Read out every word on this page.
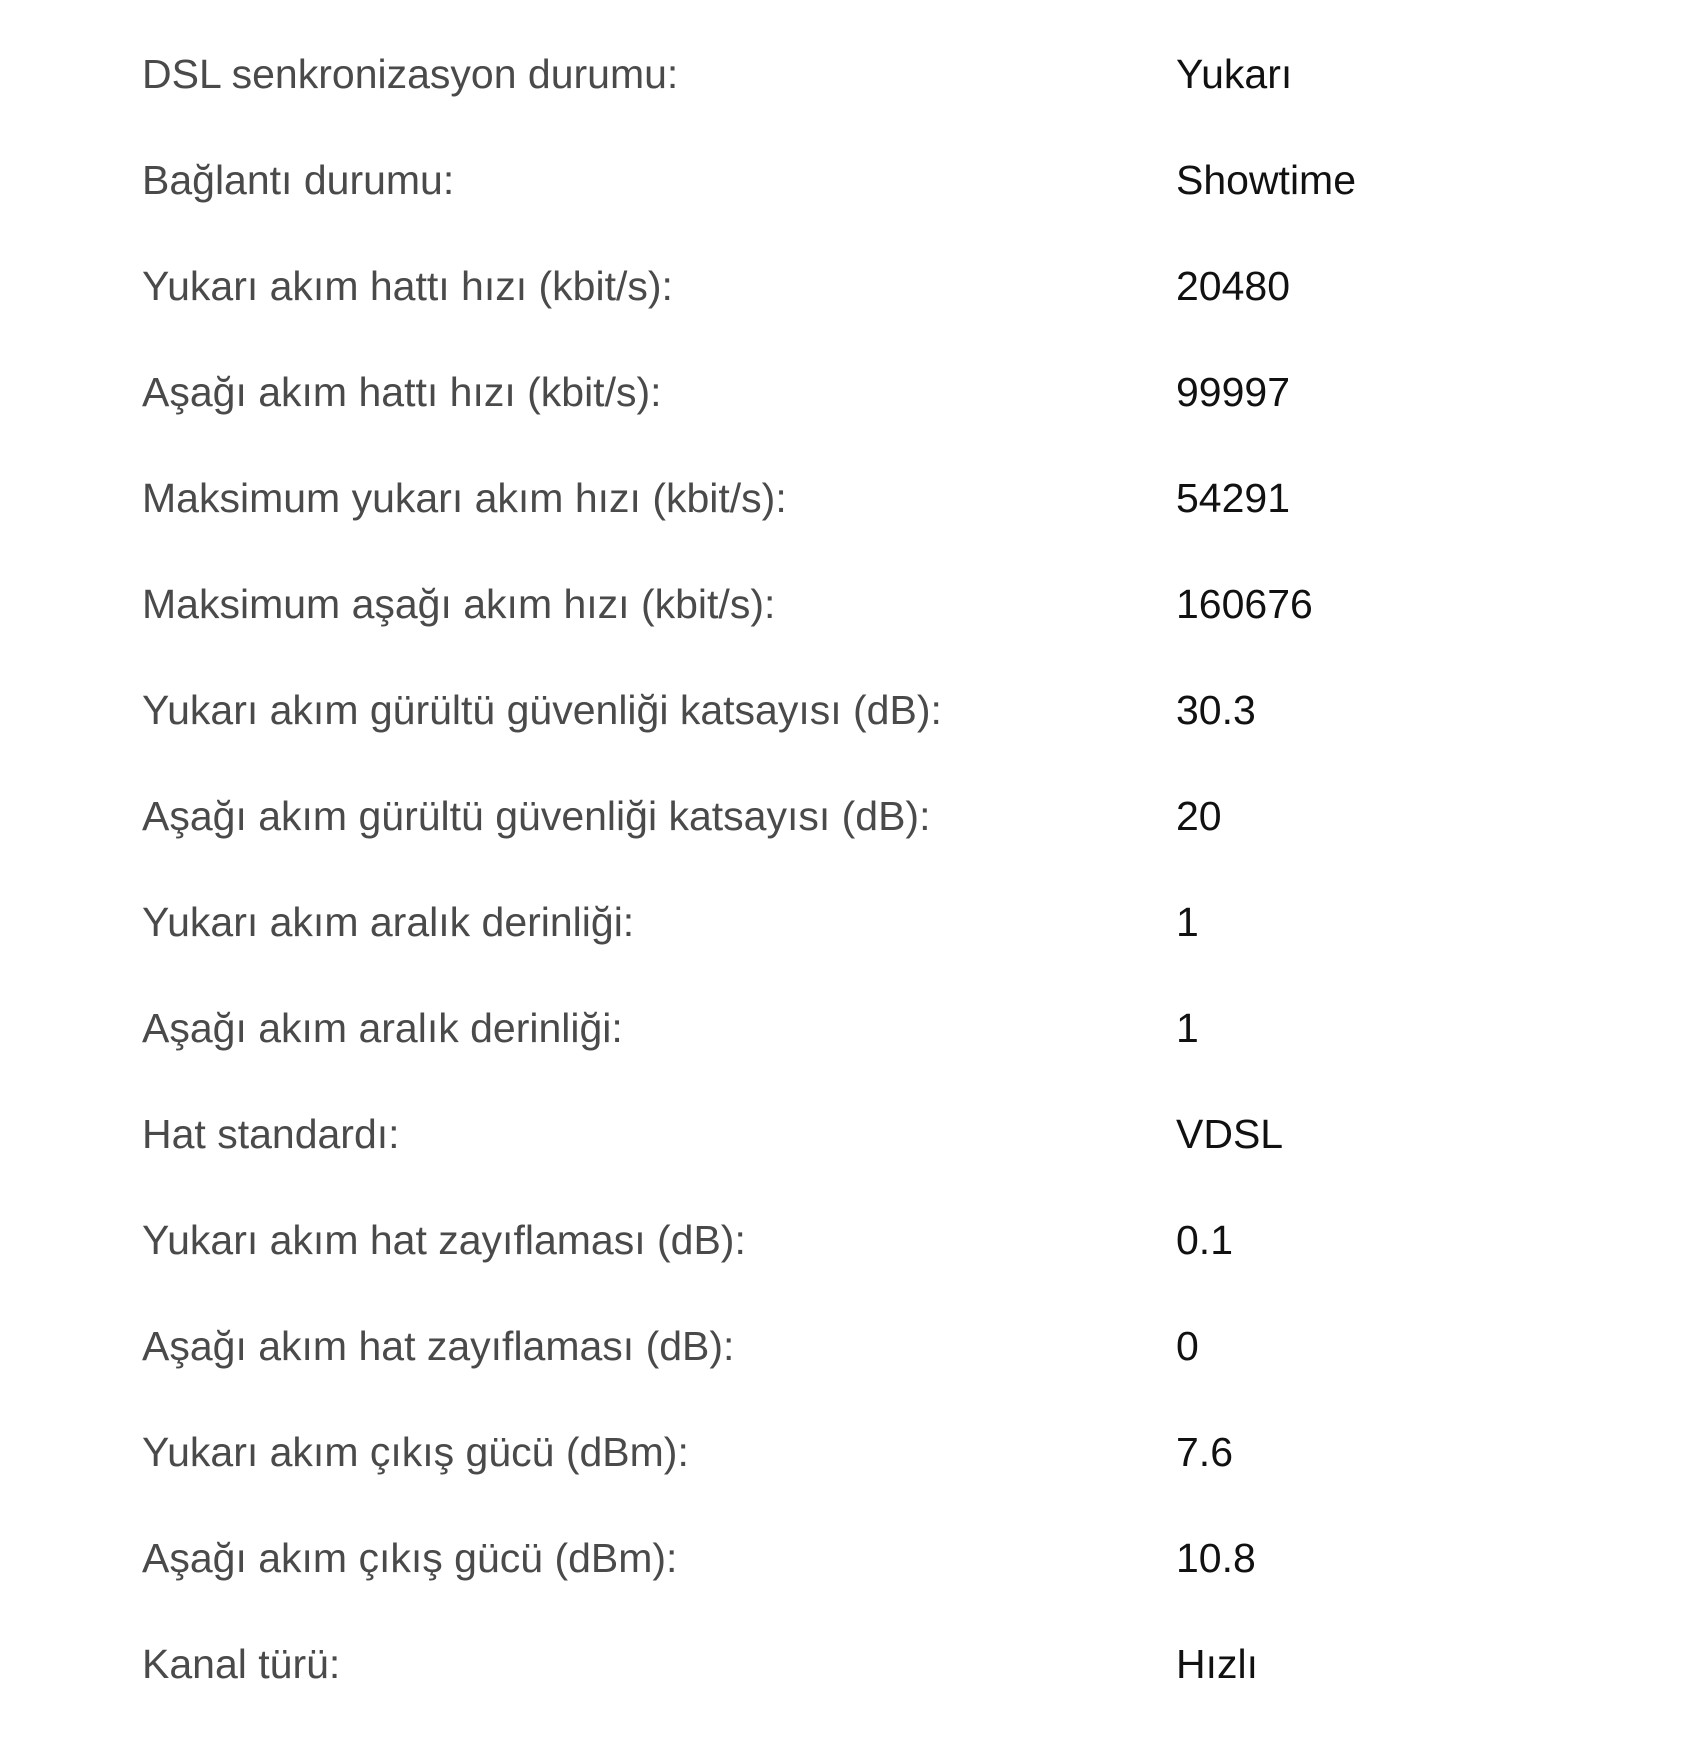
DSL senkronizasyon durumu:	Yukarı
Bağlantı durumu:	Showtime
Yukarı akım hattı hızı (kbit/s):	20480
Aşağı akım hattı hızı (kbit/s):	99997
Maksimum yukarı akım hızı (kbit/s):	54291
Maksimum aşağı akım hızı (kbit/s):	160676
Yukarı akım gürültü güvenliği katsayısı (dB):	30.3
Aşağı akım gürültü güvenliği katsayısı (dB):	20
Yukarı akım aralık derinliği:	1
Aşağı akım aralık derinliği:	1
Hat standardı:	VDSL
Yukarı akım hat zayıflaması (dB):	0.1
Aşağı akım hat zayıflaması (dB):	0
Yukarı akım çıkış gücü (dBm):	7.6
Aşağı akım çıkış gücü (dBm):	10.8
Kanal türü:	Hızlı
